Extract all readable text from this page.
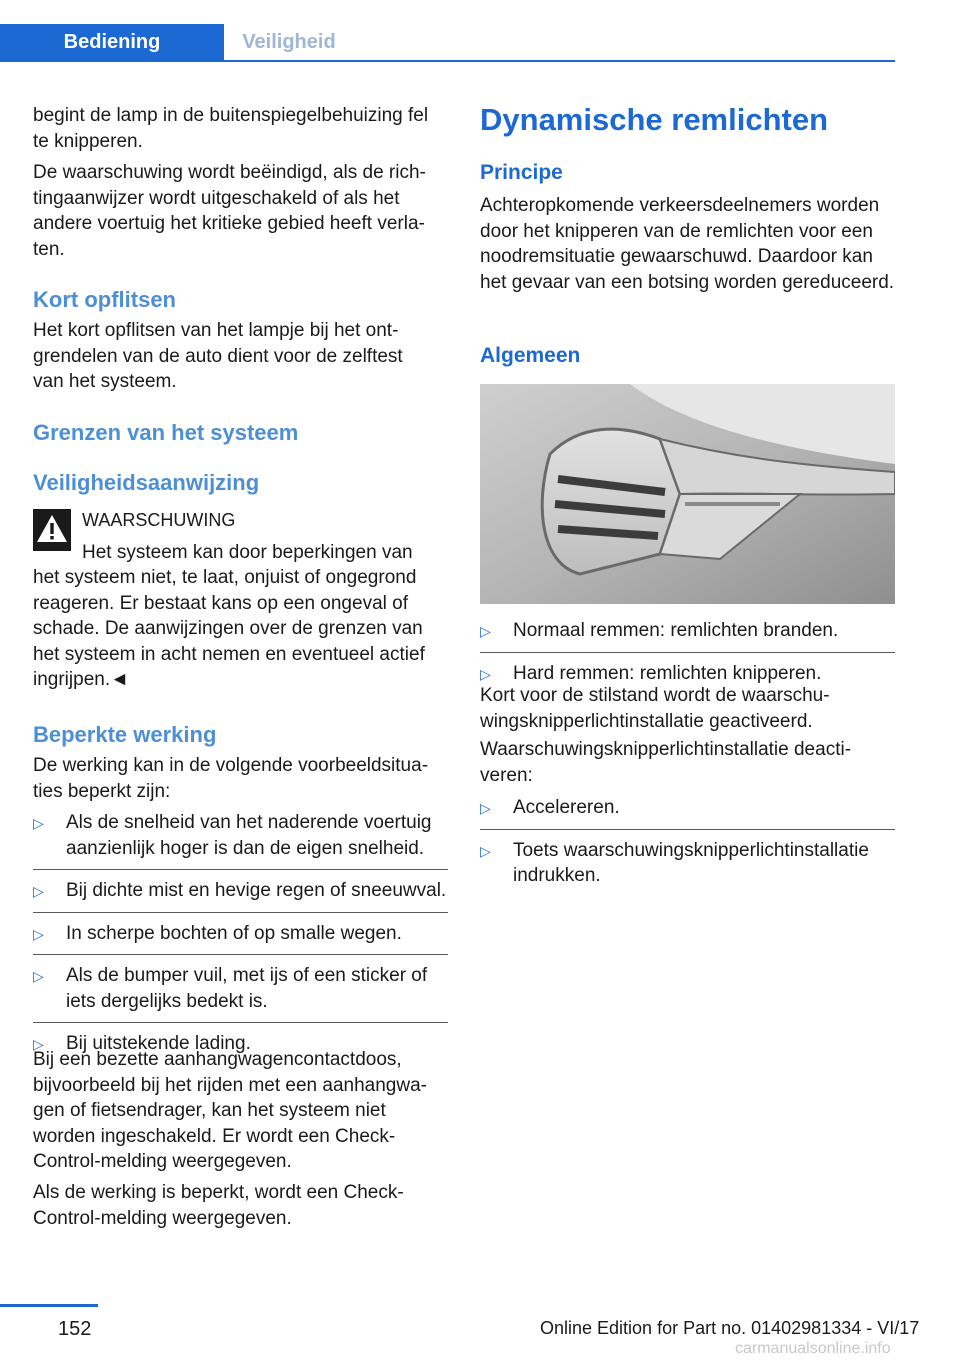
Bediening	Veiligheid

begint de lamp in de buitenspiegelbehuizing fel te knipperen.

De waarschuwing wordt beëindigd, als de richtingaanwijzer wordt uitgeschakeld of als het andere voertuig het kritieke gebied heeft verlaten.

Kort opflitsen

Het kort opflitsen van het lampje bij het ontgrendelen van de auto dient voor de zelftest van het systeem.

Grenzen van het systeem
Veiligheidsaanwijzing
WAARSCHUWING

Het systeem kan door beperkingen van

het systeem niet, te laat, onjuist of ongegrond reageren. Er bestaat kans op een ongeval of schade. De aanwijzingen over de grenzen van het systeem in acht nemen en eventueel actief ingrijpen.◄

Beperkte werking

De werking kan in de volgende voorbeeldsituaties beperkt zijn:

▷ Als de snelheid van het naderende voertuig aanzienlijk hoger is dan de eigen snelheid.
▷ Bij dichte mist en hevige regen of sneeuwval.
▷ In scherpe bochten of op smalle wegen.
▷ Als de bumper vuil, met ijs of een sticker of iets dergelijks bedekt is.
▷ Bij uitstekende lading.

Bij een bezette aanhangwagencontactdoos, bijvoorbeeld bij het rijden met een aanhangwagen of fietsendrager, kan het systeem niet worden ingeschakeld. Er wordt een Check-Control-melding weergegeven.

Als de werking is beperkt, wordt een Check-Control-melding weergegeven.

Dynamische remlichten
Principe

Achteropkomende verkeersdeelnemers worden door het knipperen van de remlichten voor een noodremsituatie gewaarschuwd. Daardoor kan het gevaar van een botsing worden gereduceerd.

Algemeen
▷ Normaal remmen: remlichten branden.
▷ Hard remmen: remlichten knipperen.

Kort voor de stilstand wordt de waarschuwingsknipperlichtinstallatie geactiveerd.

Waarschuwingsknipperlichtinstallatie deactiveren:

▷ Accelereren.
▷ Toets waarschuwingsknipperlichtinstallatie indrukken.
152	Online Edition for Part no. 01402981334 - VI/17
carmanualsonline.info
